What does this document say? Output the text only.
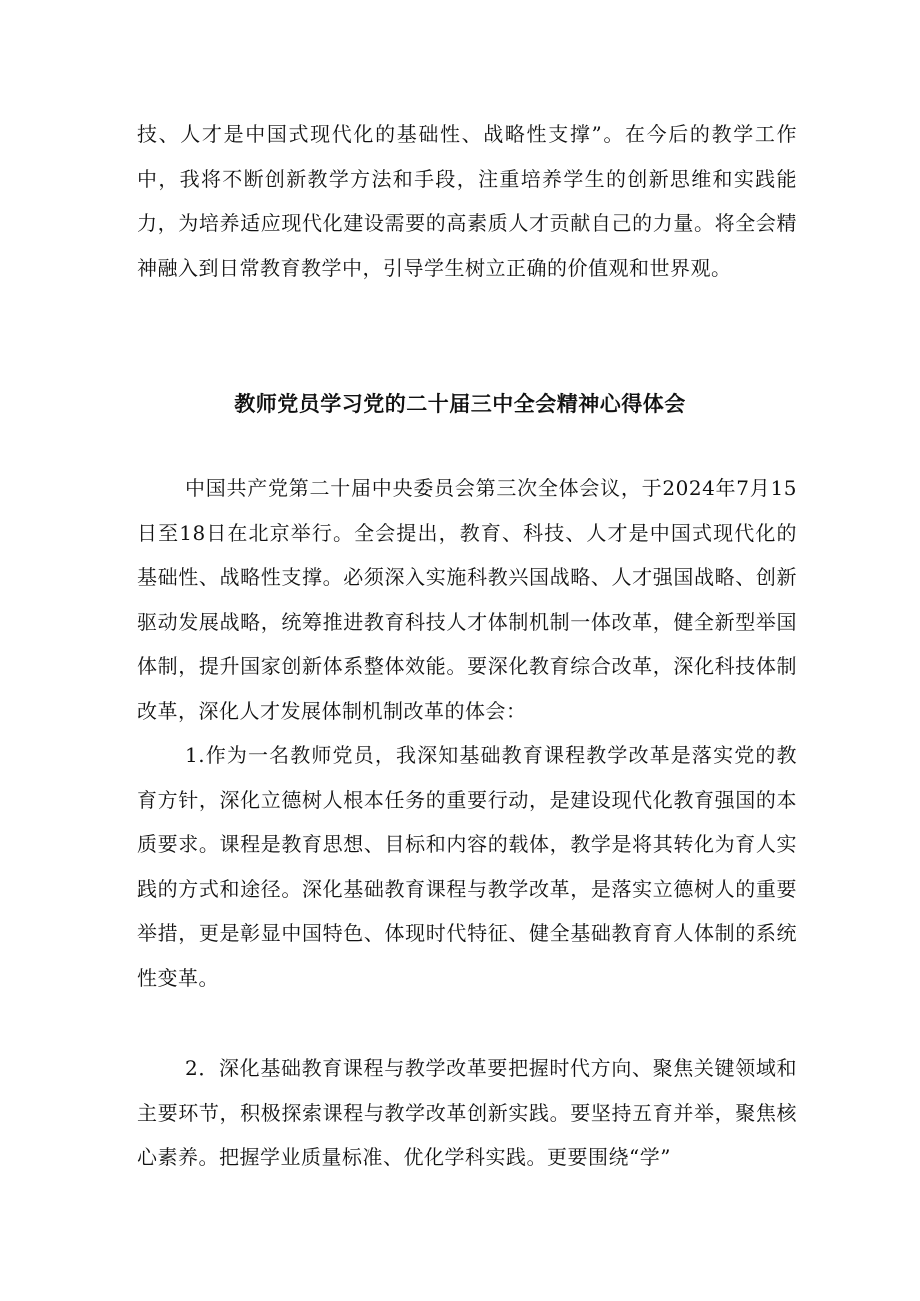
技、人才是中国式现代化的基础性、战略性支撑”。在今后的教学工作中，我将不断创新教学方法和手段，注重培养学生的创新思维和实践能力，为培养适应现代化建设需要的高素质人才贡献自己的力量。将全会精神融入到日常教育教学中，引导学生树立正确的价值观和世界观。

教师党员学习党的二十届三中全会精神心得体会

中国共产党第二十届中央委员会第三次全体会议，于2024年7月15日至18日在北京举行。全会提出，教育、科技、人才是中国式现代化的基础性、战略性支撑。必须深入实施科教兴国战略、人才强国战略、创新驱动发展战略，统筹推进教育科技人才体制机制一体改革，健全新型举国体制，提升国家创新体系整体效能。要深化教育综合改革，深化科技体制改革，深化人才发展体制机制改革的体会：

1.作为一名教师党员，我深知基础教育课程教学改革是落实党的教育方针，深化立德树人根本任务的重要行动，是建设现代化教育强国的本质要求。课程是教育思想、目标和内容的载体，教学是将其转化为育人实践的方式和途径。深化基础教育课程与教学改革，是落实立德树人的重要举措，更是彰显中国特色、体现时代特征、健全基础教育育人体制的系统性变革。

2．深化基础教育课程与教学改革要把握时代方向、聚焦关键领域和主要环节，积极探索课程与教学改革创新实践。要坚持五育并举，聚焦核心素养。把握学业质量标准、优化学科实践。更要围绕“学”
